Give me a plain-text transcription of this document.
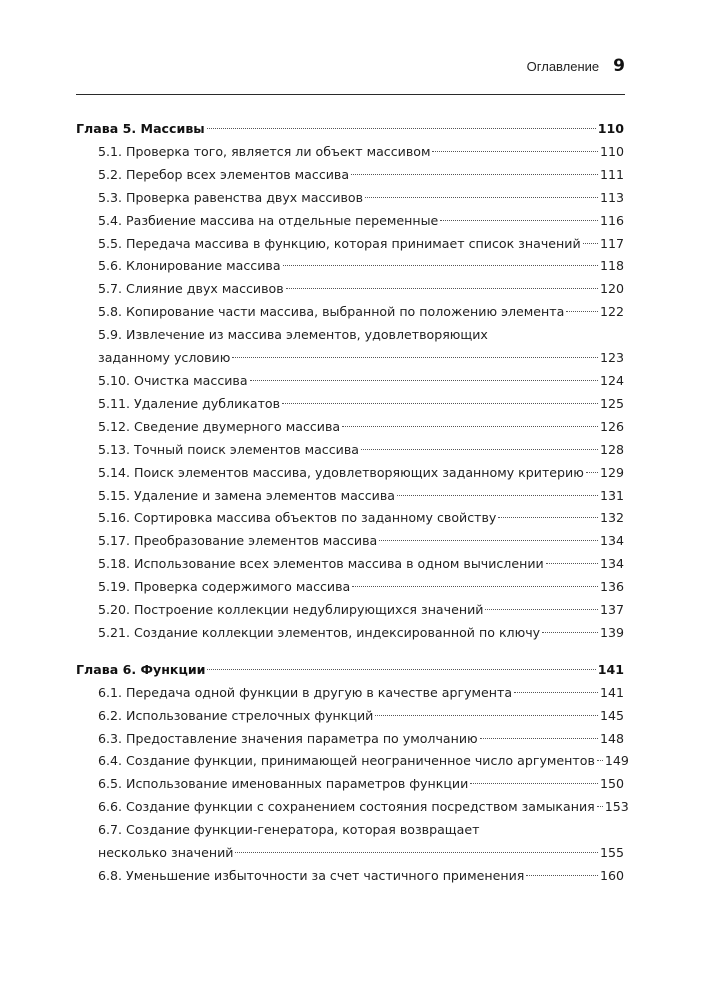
Оглавление 9
Глава 5. Массивы	110
5.1. Проверка того, является ли объект массивом	110
5.2. Перебор всех элементов массива	111
5.3. Проверка равенства двух массивов	113
5.4. Разбиение массива на отдельные переменные	116
5.5. Передача массива в функцию, которая принимает список значений 117
5.6. Клонирование массива	118
5.7. Слияние двух массивов	120
5.8. Копирование части массива, выбранной по положению элемента	122
5.9. Извлечение из массива элементов, удовлетворяющих
заданному условию	123
5.10. Очистка массива	124
5.11. Удаление дубликатов	125
5.12. Сведение двумерного массива	126
5.13. Точный поиск элементов массива	128
5.14. Поиск элементов массива, удовлетворяющих заданному критерию 129
5.15. Удаление и замена элементов массива	131
5.16. Сортировка массива объектов по заданному свойству	132
5.17. Преобразование элементов массива	134
5.18. Использование всех элементов массива в одном вычислении	134
5.19. Проверка содержимого массива	136
5.20. Построение коллекции недублирующихся значений	137
5.21. Создание коллекции элементов, индексированной по ключу	139
Глава 6. Функции	141
6.1. Передача одной функции в другую в качестве аргумента	141
6.2. Использование стрелочных функций	145
6.3. Предоставление значения параметра по умолчанию	148
6.4. Создание функции, принимающей неограниченное число аргументов 149
6.5. Использование именованных параметров функции	150
6.6. Создание функции с сохранением состояния посредством замыкания 153
6.7. Создание функции-генератора, которая возвращает
несколько значений	155
6.8. Уменьшение избыточности за счет частичного применения	160
